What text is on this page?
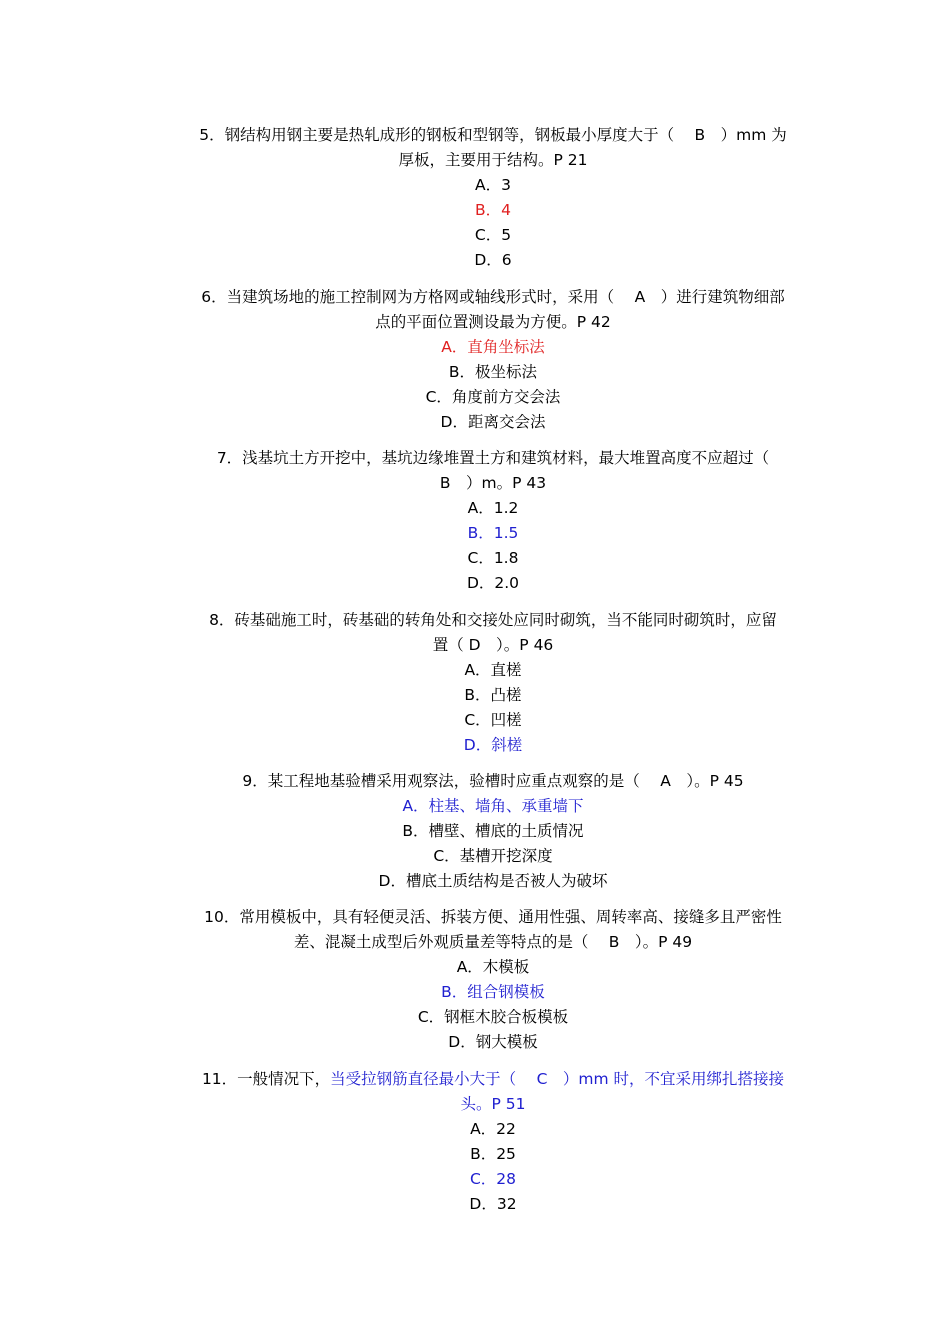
5．钢结构用钢主要是热轧成形的钢板和型钢等，钢板最小厚度大于（　 B　）mm 为
厚板，主要用于结构。P 21
A．3
B．4
C．5
D．6
6．当建筑场地的施工控制网为方格网或轴线形式时，采用（　 A　）进行建筑物细部
点的平面位置测设最为方便。P 42
A．直角坐标法
B．极坐标法
C．角度前方交会法
D．距离交会法
7．浅基坑土方开挖中，基坑边缘堆置土方和建筑材料，最大堆置高度不应超过（
B　）m。P 43
A．1.2
B．1.5
C．1.8
D．2.0
8．砖基础施工时，砖基础的转角处和交接处应同时砌筑，当不能同时砌筑时，应留
置（ D　）。P 46
A．直槎
B．凸槎
C．凹槎
D．斜槎
9．某工程地基验槽采用观察法，验槽时应重点观察的是（　 A　）。P 45
A．柱基、墙角、承重墙下
B．槽壁、槽底的土质情况
C．基槽开挖深度
D．槽底土质结构是否被人为破坏
10．常用模板中，具有轻便灵活、拆装方便、通用性强、周转率高、接缝多且严密性
差、混凝土成型后外观质量差等特点的是（　 B　）。P 49
A．木模板
B．组合钢模板
C．钢框木胶合板模板
D．钢大模板
11．一般情况下，当受拉钢筋直径最小大于（　 C　）mm 时，不宜采用绑扎搭接接
头。P 51
A．22
B．25
C．28
D．32
